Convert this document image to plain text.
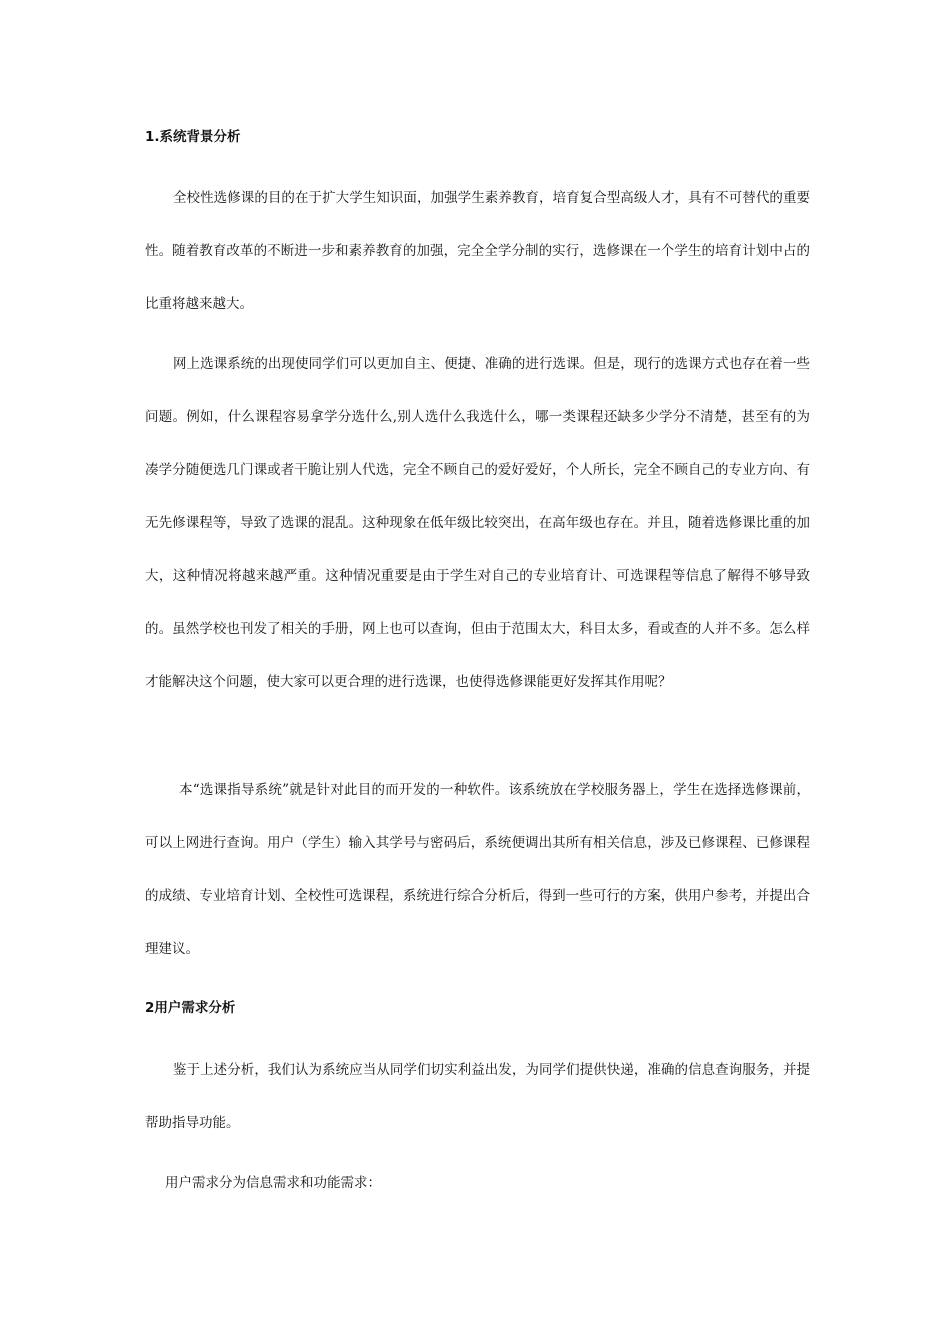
1.系统背景分析

全校性选修课的目的在于扩大学生知识面，加强学生素养教育，培育复合型高级人才，具有不可替代的重要性。随着教育改革的不断进一步和素养教育的加强，完全全学分制的实行，选修课在一个学生的培育计划中占的比重将越来越大。

网上选课系统的出现使同学们可以更加自主、便捷、准确的进行选课。但是，现行的选课方式也存在着一些问题。例如，什么课程容易拿学分选什么,别人选什么我选什么，哪一类课程还缺多少学分不清楚，甚至有的为凑学分随便选几门课或者干脆让别人代选，完全不顾自己的爱好爱好，个人所长，完全不顾自己的专业方向、有无先修课程等，导致了选课的混乱。这种现象在低年级比较突出，在高年级也存在。并且，随着选修课比重的加大，这种情况将越来越严重。这种情况重要是由于学生对自己的专业培育计、可选课程等信息了解得不够导致的。虽然学校也刊发了相关的手册，网上也可以查询，但由于范围太大，科目太多，看或查的人并不多。怎么样才能解决这个问题，使大家可以更合理的进行选课，也使得选修课能更好发挥其作用呢？

本“选课指导系统”就是针对此目的而开发的一种软件。该系统放在学校服务器上，学生在选择选修课前，可以上网进行查询。用户（学生）输入其学号与密码后，系统便调出其所有相关信息，涉及已修课程、已修课程的成绩、专业培育计划、全校性可选课程，系统进行综合分析后，得到一些可行的方案，供用户参考，并提出合理建议。

2用户需求分析

鉴于上述分析，我们认为系统应当从同学们切实利益出发，为同学们提供快递，准确的信息查询服务，并提帮助指导功能。

用户需求分为信息需求和功能需求：
